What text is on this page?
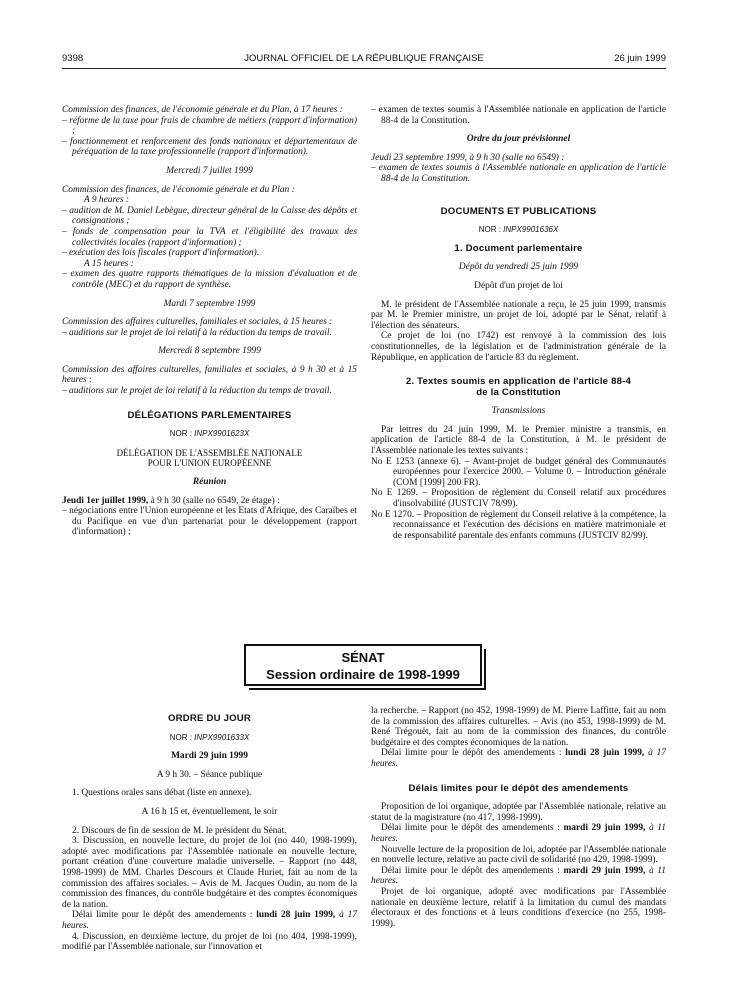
9398	JOURNAL OFFICIEL DE LA RÉPUBLIQUE FRANÇAISE	26 juin 1999

Commission des finances, de l'économie générale et du Plan, à 17 heures :

– réforme de la taxe pour frais de chambre de métiers (rapport d'information) ;

– fonctionnement et renforcement des fonds nationaux et départementaux de péréquation de la taxe professionnelle (rapport d'information).

Mercredi 7 juillet 1999

Commission des finances, de l'économie générale et du Plan :

A 9 heures :

– audition de M. Daniel Lebègue, directeur général de la Caisse des dépôts et consignations ;

– fonds de compensation pour la TVA et l'éligibilité des travaux des collectivités locales (rapport d'information) ;

– exécution des lois fiscales (rapport d'information).

A 15 heures :

– examen des quatre rapports thématiques de la mission d'évaluation et de contrôle (MEC) et du rapport de synthèse.

Mardi 7 septembre 1999

Commission des affaires culturelles, familiales et sociales, à 15 heures :

– auditions sur le projet de loi relatif à la réduction du temps de travail.

Mercredi 8 septembre 1999

Commission des affaires culturelles, familiales et sociales, à 9 h 30 et à 15 heures :

– auditions sur le projet de loi relatif à la réduction du temps de travail.

DÉLÉGATIONS PARLEMENTAIRES

NOR : INPX9901623X

DÉLÉGATION DE L'ASSEMBLÉE NATIONALE

POUR L'UNION EUROPÉENNE

Réunion

Jeudi 1er juillet 1999, à 9 h 30 (salle no 6549, 2e étage) :

– négociations entre l'Union européenne et les Etats d'Afrique, des Caraïbes et du Pacifique en vue d'un partenariat pour le développement (rapport d'information) ;

– examen de textes soumis à l'Assemblée nationale en application de l'article 88-4 de la Constitution.

Ordre du jour prévisionnel

Jeudi 23 septembre 1999, à 9 h 30 (salle no 6549) :

– examen de textes soumis à l'Assemblée nationale en application de l'article 88-4 de la Constitution.

DOCUMENTS ET PUBLICATIONS

NOR : INPX9901636X

1. Document parlementaire

Dépôt du vendredi 25 juin 1999

Dépôt d'un projet de loi

M. le président de l'Assemblée nationale a reçu, le 25 juin 1999, transmis par M. le Premier ministre, un projet de loi, adopté par le Sénat, relatif à l'élection des sénateurs.

Ce projet de loi (no 1742) est renvoyé à la commission des lois constitutionnelles, de la législation et de l'administration générale de la République, en application de l'article 83 du règlement.

2. Textes soumis en application de l'article 88-4
de la Constitution

Transmissions

Par lettres du 24 juin 1999, M. le Premier ministre a transmis, en application de l'article 88-4 de la Constitution, à M. le président de l'Assemblée nationale les textes suivants :

No E 1253 (annexe 6). – Avant-projet de budget général des Communautés européennes pour l'exercice 2000. – Volume 0. – Introduction générale (COM [1999] 200 FR).

No E 1269. – Proposition de règlement du Conseil relatif aux procédures d'insolvabilité (JUSTCIV 78/99).

No E 1270. – Proposition de règlement du Conseil relative à la compétence, la reconnaissance et l'exécution des décisions en matière matrimoniale et de responsabilité parentale des enfants communs (JUSTCIV 82/99).

SÉNAT
Session ordinaire de 1998-1999

ORDRE DU JOUR

NOR : INPX9901633X

Mardi 29 juin 1999

A 9 h 30. – Séance publique

1. Questions orales sans débat (liste en annexe).

A 16 h 15 et, éventuellement, le soir

2. Discours de fin de session de M. le président du Sénat.

3. Discussion, en nouvelle lecture, du projet de loi (no 440, 1998-1999), adopté avec modifications par l'Assemblée nationale en nouvelle lecture, portant création d'une couverture maladie universelle. – Rapport (no 448, 1998-1999) de MM. Charles Descours et Claude Huriet, fait au nom de la commission des affaires sociales. – Avis de M. Jacques Oudin, au nom de la commission des finances, du contrôle budgétaire et des comptes économiques de la nation.

Délai limite pour le dépôt des amendements : lundi 28 juin 1999, à 17 heures.

4. Discussion, en deuxième lecture, du projet de loi (no 404, 1998-1999), modifié par l'Assemblée nationale, sur l'innovation et

la recherche. – Rapport (no 452, 1998-1999) de M. Pierre Laffitte, fait au nom de la commission des affaires culturelles. – Avis (no 453, 1998-1999) de M. René Trégouët, fait au nom de la commission des finances, du contrôle budgétaire et des comptes économiques de la nation.

Délai limite pour le dépôt des amendements : lundi 28 juin 1999, à 17 heures.

Délais limites pour le dépôt des amendements

Proposition de loi organique, adoptée par l'Assemblée nationale, relative au statut de la magistrature (no 417, 1998-1999).

Délai limite pour le dépôt des amendements : mardi 29 juin 1999, à 11 heures.

Nouvelle lecture de la proposition de loi, adoptée par l'Assemblée nationale en nouvelle lecture, relative au pacte civil de solidarité (no 429, 1998-1999).

Délai limite pour le dépôt des amendements : mardi 29 juin 1999, à 11 heures.

Projet de loi organique, adopté avec modifications par l'Assemblée nationale en deuxième lecture, relatif à la limitation du cumul des mandats électoraux et des fonctions et à leurs conditions d'exercice (no 255, 1998-1999).
